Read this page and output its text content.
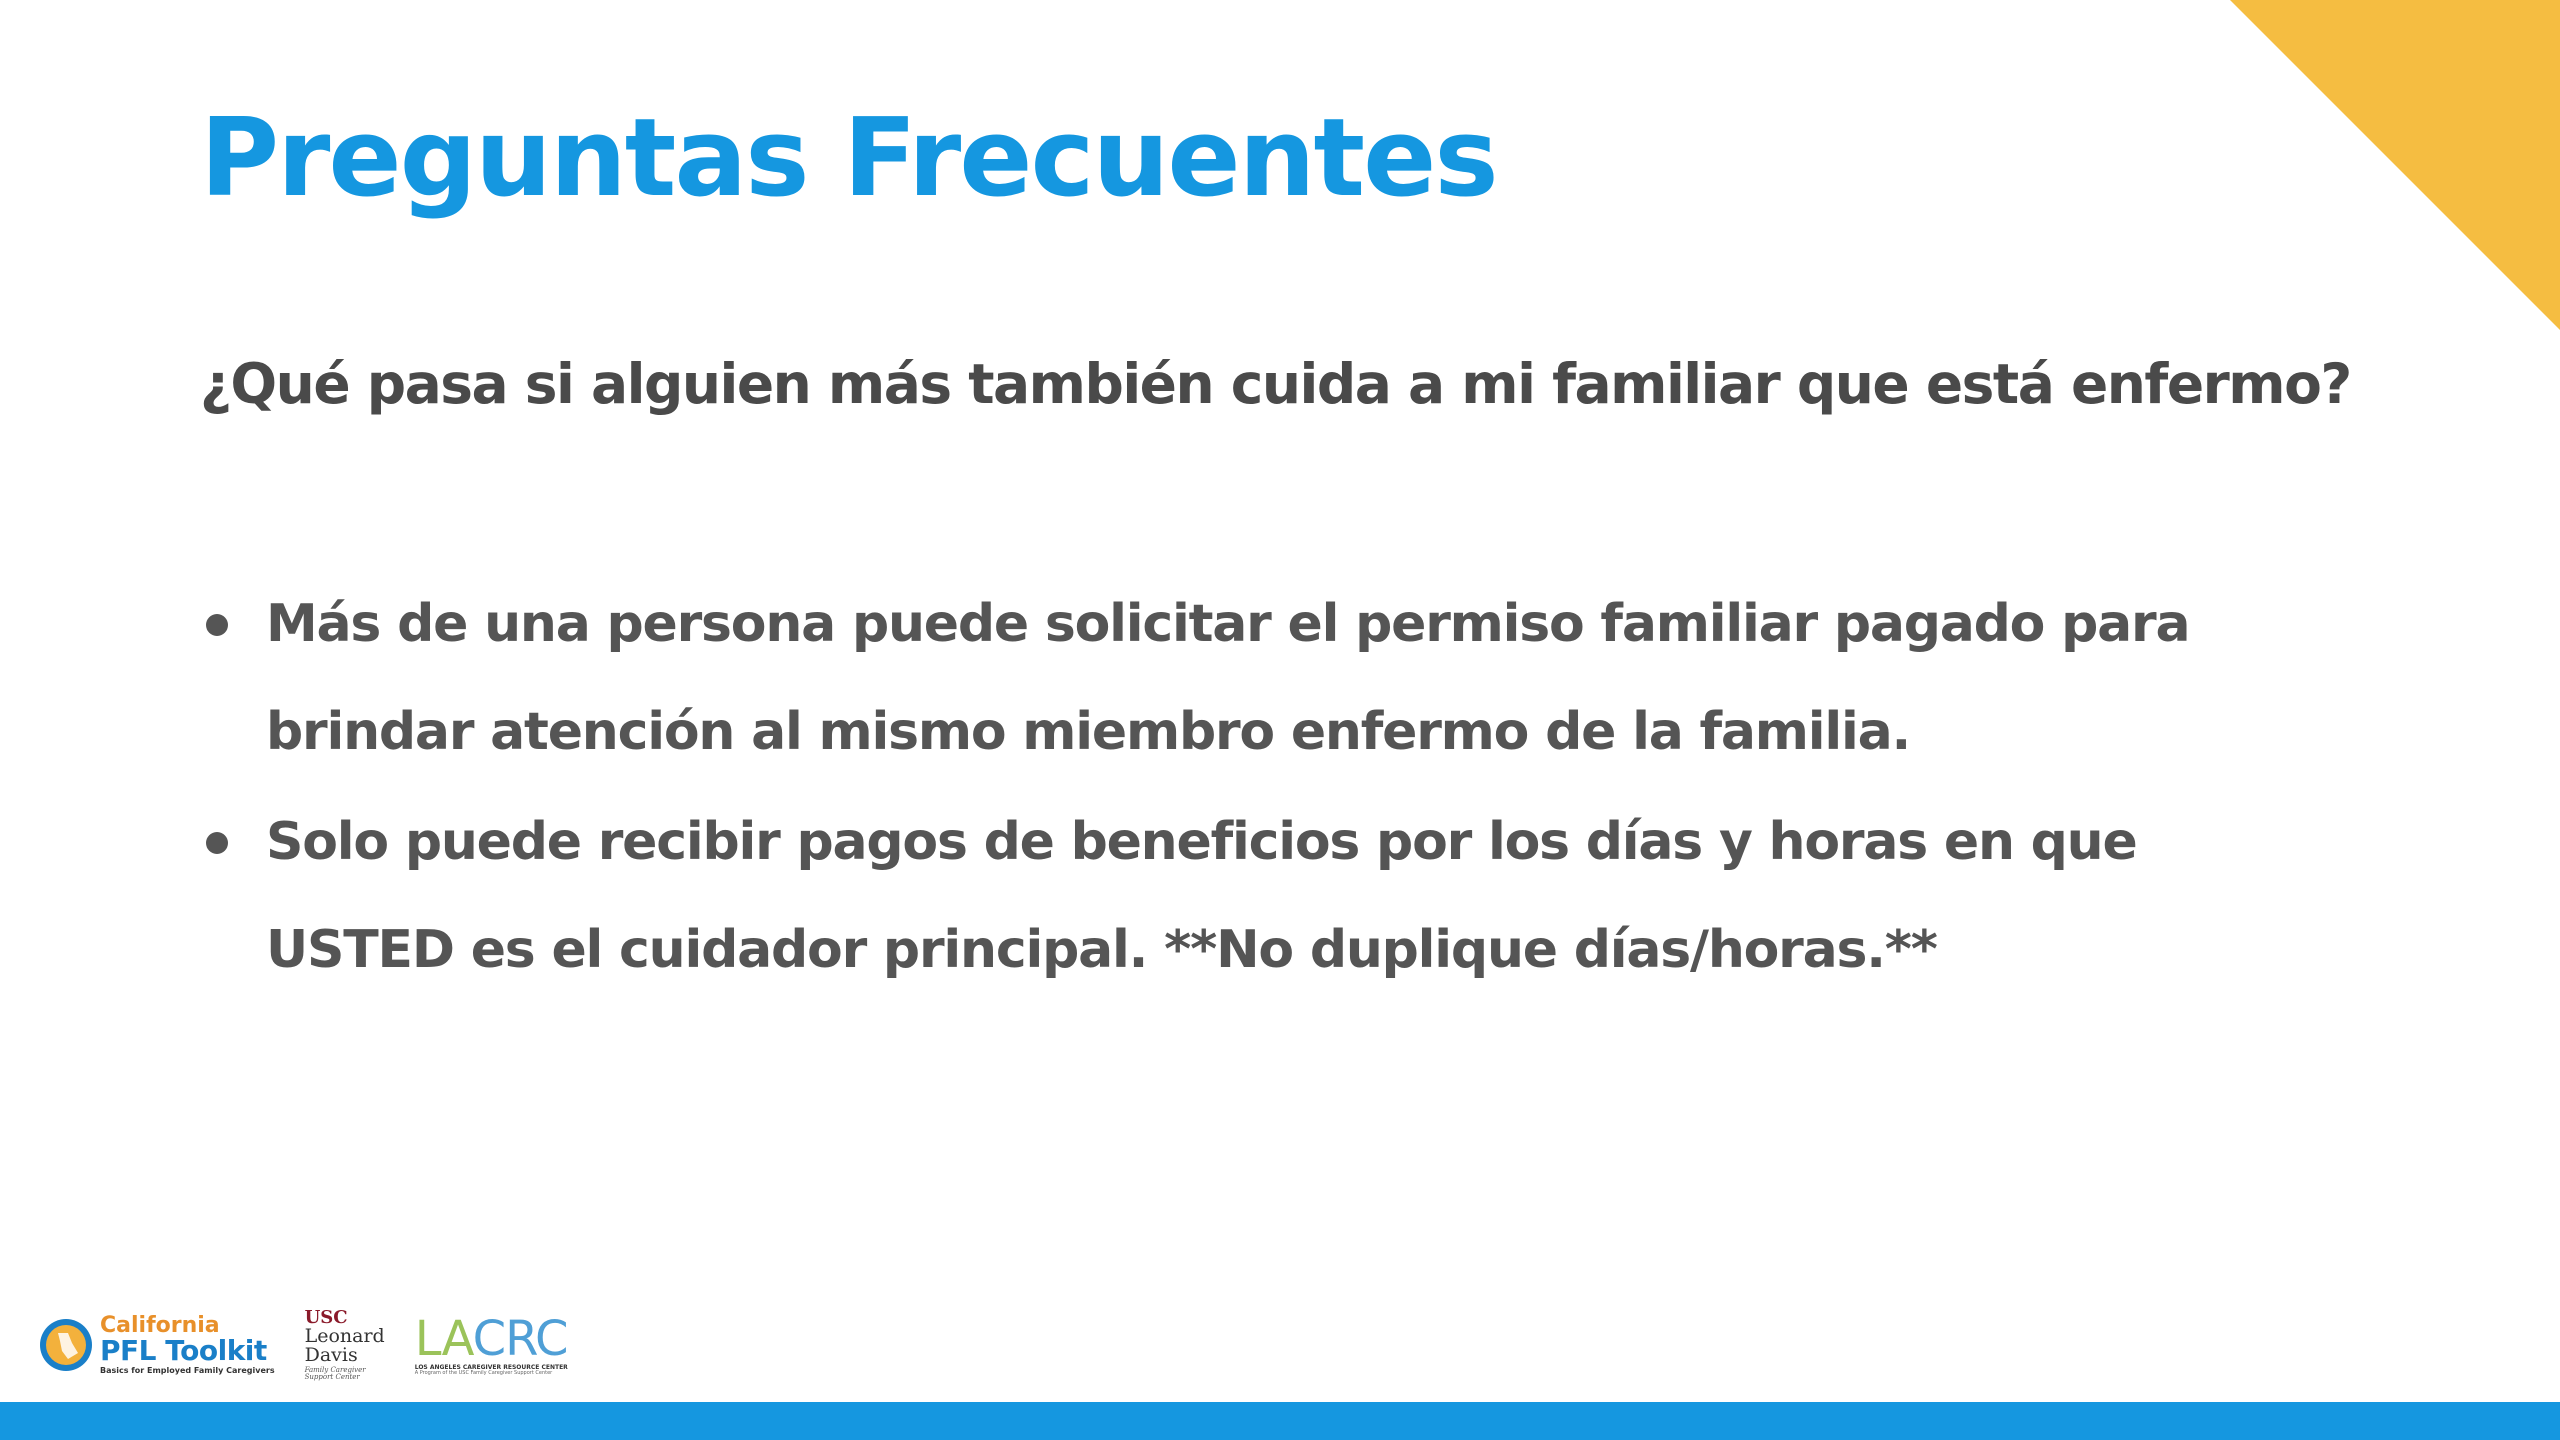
Preguntas Frecuentes
¿Qué pasa si alguien más también cuida a mi familiar que está enfermo?
Más de una persona puede solicitar el permiso familiar pagado para brindar atención al mismo miembro enfermo de la familia.
Solo puede recibir pagos de beneficios por los días y horas en que USTED es el cuidador principal. **No duplique días/horas.**
California
PFL Toolkit
Basics for Employed Family Caregivers
USC
Leonard
Davis
Family Caregiver Support Center
LACRC
LOS ANGELES CAREGIVER RESOURCE CENTER
A Program of the USC Family Caregiver Support Center
